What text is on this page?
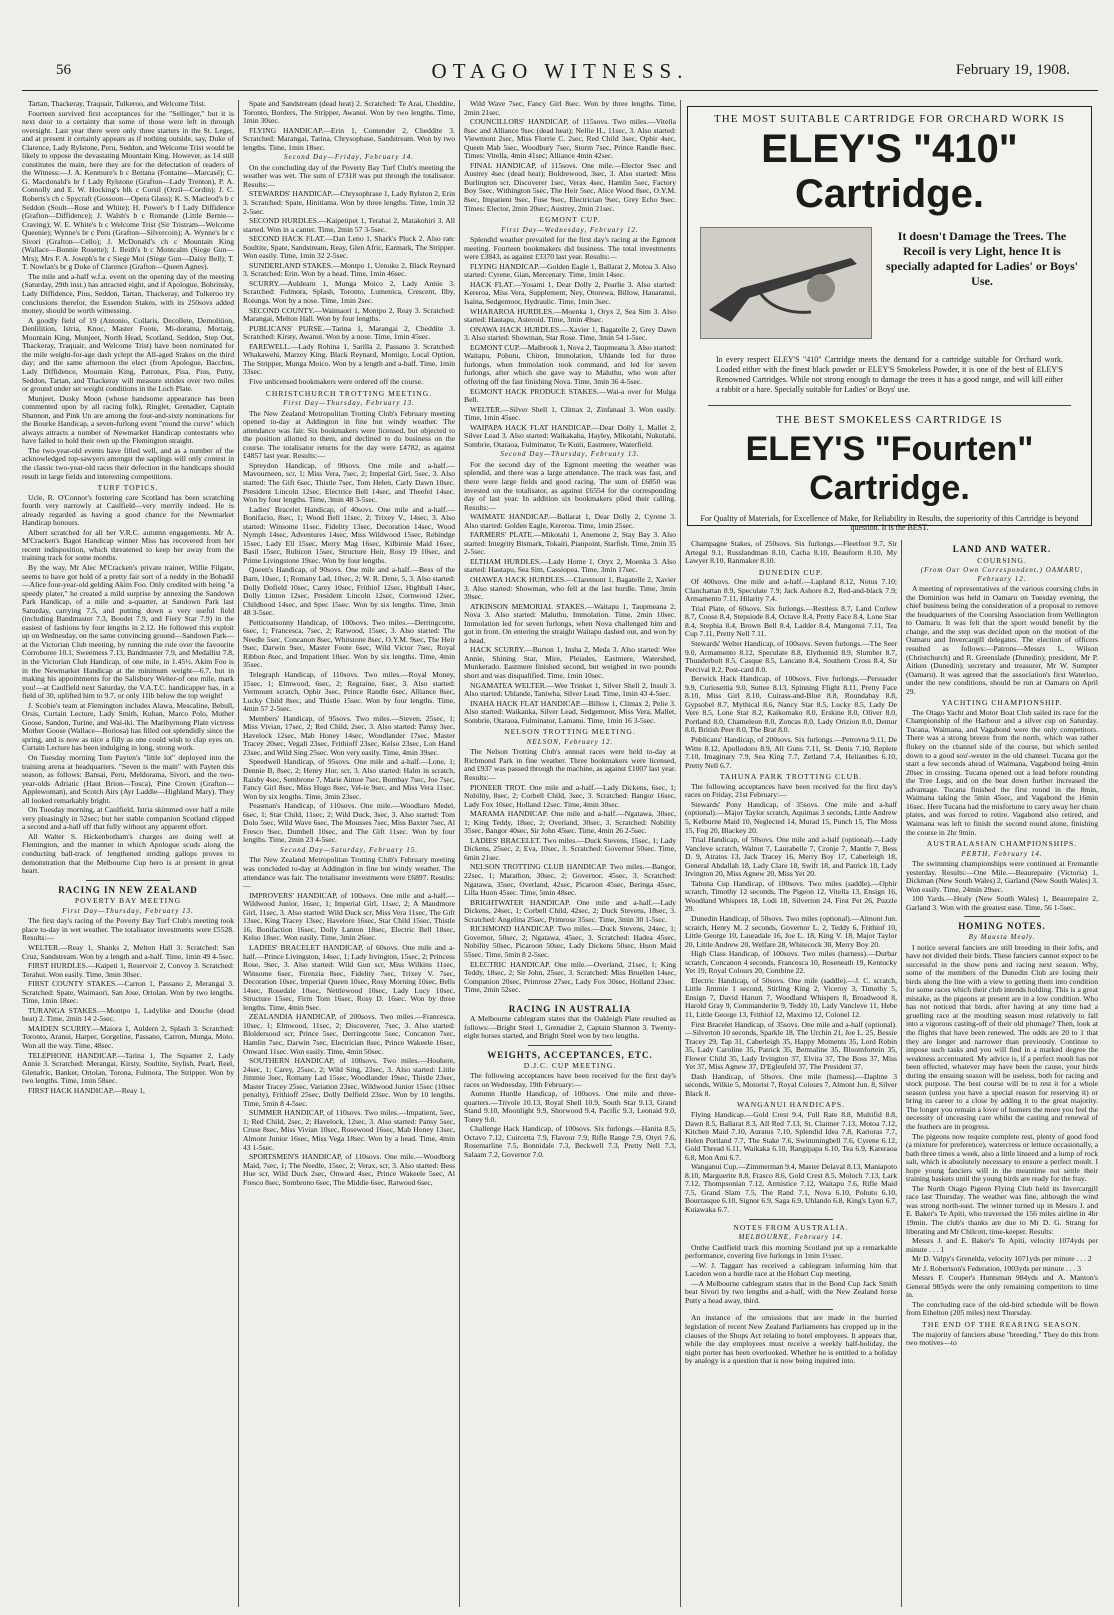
56	OTAGO WITNESS.	February 19, 1908.

Tartan, Thackeray, Traquair, Tulkeroo, and Welcome Trist.

Fourteen survived first acceptances for the "Sellinger," but it is next door to a certainty that some of those were left in through oversight. Last year there were only three starters in the St. Leger, and at present it certainly appears as if nothing outside, say, Duke of Clarence, Lady Rylstone, Peru, Seddon, and Welcome Trist would be likely to oppose the devastating Mountain King. However, as 14 still constitutes the main, here they are for the delectation of readers of the Witness:—J. A. Kenmure's b c Bettana (Fontaine—Marcasé); C. G. Macdonald's br f Lady Rylstone (Grafton—Lady Trenton), P. A. Connolly and E. W. Hocking's blk c Corsil (Orzil—Cordin); J. C. Roberts's ch c Spycraft (Gossoon—Opera Glass); K. S. Macleod's b c Seddon (Soult—Rose and White); H. Power's b f Lady Diffidence (Grafton—Diffidence); J. Walsh's b c Romande (Little Bernie—Craving); W. E. White's b c Welcome Trist (Sir Tristram—Welcome Queenie); Wynne's br c Peru (Grafton—Silvercoin); A. Wynne's br c Sivori (Grafton—Cello); J. McDonald's ch c Mountain King (Wallace—Bonnie Rosette); J. Beith's b c Montcalm (Siege Gun—Mrs); Mrs F. A. Joseph's br c Siege Moi (Siege Gun—Daisy Bell); T. T. Nowlan's br g Duke of Clarence (Grafton—Queen Agnes).

The mile and a-half w.f.a. event on the opening day of the meeting (Saturday, 29th inst.) has attracted eight, and if Apologue, Bobrinsky, Lady Diffidence, Pius, Seddon, Tartan, Thackeray, and Tulkeroo try conclusions therefor, the Essendon Stakes, with its 250sovs added money, should be worth witnessing.

A goodly field of 19 (Antonio, Collaris, Decollete, Demolition, Denlilition, Istria, Knoc, Master Foote, Mi-dorama, Mortaig, Mountain King, Munjeet, North Head, Scotland, Seddon, Step Out, Thackeray, Traquair, and Welcome Trist) have been nominated for the mile weight-for-age dash yclept the All-aged Stakes on the third day; and the same afternoon the elect (from Apologue, Bacchus, Lady Diffidence, Mountain King, Patronax, Pisa, Pius, Putty, Seddon, Tartan, and Thackeray will measure strides over two miles or ground under set weight conditions in the Loch Plate.

Munjeet, Dusky Moon (whose handsome appearance has been commented upon by all racing folk), Ringlet, Grenadier, Captain Shannon, and Pink Un are among the four-and-sixty nominations for the Bourke Handicap, a seven-furlong event "round the curve" which always attracts a number of Newmarket Handicap contestants who have failed to hold their own up the Flemington straight.

The two-year-old events have filled well, and as a number of the acknowledged top-sawyers amongst the saplings will only contest in the classic two-year-old races their defection in the handicaps should result in large fields and interesting competitions.

TURF TOPICS.

Ucle, R. O'Connor's fostering care Scotland has been scratching fourth very narrowly at Caulfield—very merrily indeed. He is already regarded as having a good chance for the Newmarket Handicap honours.

Albert scratched for all her V.R.C. autumn engagements. Mr A. M'Cracken's Bagot Handicap winner Miss has recovered from her recent indisposition, which threatened to keep her away from the training track for some months.

By the way, Mr Alec M'Cracken's private trainer, Willie Filgate, seems to have got hold of a pretty fair sort of a neddy in the Bobadil—Alice four-year-old gelding Akim Foo. Only credited with being "a speedy plater," he created a mild surprise by annexing the Sandown Park Handicap, of a mile and a-quarter, at Sandown Park last Saturday, carrying 7.5, and putting down a very useful field (including Bandmaster 7.3, Boodet 7.9, and Fiery Star 7.9) in the easiest of fashions by four lengths in 2.12. He followed this exploit up on Wednesday, on the same convincing ground—Sandown Park—at the Victorian Club meeting, by running the rule over the favourite Corroboree 10.1, Sweetness 7.13, Bandmaster 7.9, and Medallist 7.8, in the Victorian Club Handicap, of one mile, in 1.45½. Akim Foo is in the Newmarket Handicap at the minimum weight—6.7, but in making his appointments for the Salisbury Welter-of one mile, mark you!—at Caulfield next Saturday, the V.A.T.C. handicapper has, in a field of 30, uplifted him to 9.7, or only 11lb below the top weight!

J. Scobie's team at Flemington includes Alawa, Mescaline, Bebull, Orsis, Curtain Lecture, Lady Smith, Kuban, Marco Polo, Mother Goose, Sandon, Turine, and Wai-iki. The Maribyrnong Plate victress Mother Goose (Wallace—Boriosa) has filled out splendidly since the spring, and is now as nice a filly as one could wish to clap eyes on. Curtain Lecture has been indulging in long, strong work.

On Tuesday morning Tom Payten's "little lot" deployed into the training arena at headquarters. "Seven is the main" with Payten this season, as follows: Bansai, Peru, Meldorama, Sivori, and the two-year-olds Adriatic (Haut Brion—Tosca), Pine Crown (Grafton—Applewoman), and Scotch Airs (Ayr Laddie—Highland Mary). They all looked remarkably bright.

On Tuesday morning, at Caulfield, Istria skimmed over half a mile very pleasingly in 52sec; but her stable companion Scotland clipped a second and a-half off that fully without any apparent effort.

All Walter S. Hickenbotham's charges are doing well at Flemington, and the manner in which Apologue scuds along the conducting ball-track of lengthened striding gallops proves to demonstration that the Melbourne Cup hero is at present in great heart.

RACING IN NEW ZEALAND
POVERTY BAY MEETING
First Day—Thursday, February 13.

The first day's racing of the Poverty Bay Turf Club's meeting took place to-day in wet weather. The totalisator investments were £5528. Results:—

WELTER.—Reay 1, Shanks 2, Melton Hall 3. Scratched: San Cruz, Sandstream. Won by a length and a-half. Time, 1min 49 4-5sec.

FIRST HURDLES.—Kaipeti 1, Reservoir 2, Convoy 3. Scratched: Terahui. Won easily. Time, 3min 30sec.

FIRST COUNTY STAKES.—Carron 1, Passano 2, Merangai 3. Scratched: Spate, Waimaori, San Jose, Ortolan. Won by two lengths. Time, 1min 18sec.

TURANGA STAKES.—Montpo 1, Ladylike and Douche (dead heat) 2. Time, 2min 14 2-5sec.

MAIDEN SCURRY.—Maiora 1, Auldern 2, Splash 3. Scratched: Toronto, Aranui, Harper, Gorgeline, Passano, Carron, Munga, Moto. Won all the way. Time, 48sec.

TELEPHONE HANDICAP.—Tarina 1, The Squatter 2, Lady Annie 3. Scratched: Merangai, Kirsty, Soultite, Stylish, Pearl, Reel, Glenafric, Banker, Ortolan, Torona, Fulmora, The Stripper. Won by two lengths. Time, 1min 58sec.

FIRST HACK HANDICAP.—Reay 1,

Spate and Sandstream (dead heat) 2. Scratched: Te Arai, Cheddite, Toronto, Borders, The Stripper, Awanui. Won by two lengths. Time, 1min 30sec.

FLYING HANDICAP.—Erin 1, Contender 2, Cheddite 3. Scratched: Marangai, Tarina, Chrysophase, Sandstream. Won by two lengths. Time, 1min 18sec.

Second Day—Friday, February 14.

On the concluding day of the Poverty Bay Turf Club's meeting the weather was wet. The sum of £7318 was put through the totalisator. Results:—

STEWARDS' HANDICAP.—Chrysophrase 1, Lady Rylston 2, Erin 3. Scratched: Spate, Hinitiama. Won by three lengths. Time, 1min 32 2-5sec.

SECOND HURDLES.—Kaipetipet 1, Terahai 2, Matakohiri 3. All started. Won in a canter. Time, 2min 57 3-5sec.

SECOND HACK FLAT.—Dan Leno 1, Shark's Pluck 2. Also ran: Soultite, Spate, Sandstream, Reay, Glen Afric, Earmark, The Stripper. Won easily. Time, 1min 32 2-5sec.

SUNDERLAND STAKES.—Montpo 1, Uenuku 2, Black Reynard 3. Scratched: Erin. Won by a head. Time, 1min 46sec.

SCURRY.—Auldearn 1, Munga Moico 2, Lady Annie 3. Scratched: Fulmora, Splash, Toronto, Lumenica, Crescent, Ilby, Roiunga. Won by a nose. Time, 1min 2sec.

SECOND COUNTY.—Waimaori 1, Montpo 2, Reay 3. Scratched: Marangai, Melton Hall. Won by four lengths.

PUBLICANS' PURSE.—Tarina 1, Marangai 2, Cheddite 3. Scratched: Kirsty, Awanui. Won by a nose. Time, 1min 45sec.

FAREWELL.—Lady Rohina 1, Sarilla 2, Passano 3. Scratched: Whakawehi, Marzey King, Black Reynard, Montigo, Local Option, The Stripper, Munga Moico. Won by a length and a-half. Time, 1min 33sec.

Five unlicensed bookmakers were ordered off the course.

CHRISTCHURCH TROTTING MEETING.
First Day—Thursday, February 13.

The New Zealand Metropolitan Trotting Club's February meeting opened to-day at Addington in fine but windy weather. The attendance was fair. Six bookmakers were licensed, but objected to the position allotted to them, and declined to do business on the course. The totalisator returns for the day were £4782, as against £4857 last year. Results:—

Spreydon Handicap, of 90sovs. One mile and a-half.—Mavourneen, scr, 1; Miss Vera, 7sec, 2; Imperial Girl, 5sec, 3. Also started: The Gift 6sec, Thistle 7sec, Tom Helen, Carly Dawn 10sec. President Lincoln 12sec. Electrice Bell 14sec, and Theefel 14sec. Won by four lengths. Time, 3min 48 3-5sec.

Ladies' Bracelet Handicap, of 40sovs. One mile and a-half.—Bonifacio, 8sec, 1; Wood Bell 11sec, 2; Trixey V., 14sec, 3. Also started: Winsome 11sec, Fidelity 13sec, Decoration 14sec, Wood Nymph 14sec, Adventures 14sec, Miss Wildwood 15sec, Rebindge 15sec, Lady Ell 15sec, Merry Mag 16sec, Kilbirnie Maid 16sec, Basil 15sec, Rubicon 15sec, Structure Heir, Rosy 19 10sec, and Prime Livingstone 19sec. Won by four lengths.

Queen's Handicap, of 90sovs. One mile and a-half.—Bess of the Barn, 10sec, 1; Romany Lad, 10sec, 2; W. R. Dene, 5, 3. Also started: Dolly Dofield 10sec, Carey 10sec, Frithiof 12sec, Highball 14sec, Dolly Linton 12sec, President Lincoln 12sec, Cornwood 12sec, Childhood 14sec, and Spec 15sec. Won by six lengths. Time, 3min 48 3-5sec.

Petticoatsonny Handicap, of 100sovs. Two miles.—Derringcotte, 6sec, 1; Francesca, 7sec, 2; Ratwood, 15sec, 3. Also started: The Needle 5sec, Concanon 8sec, Whitstone 8sec, O.Y.M. 9sec, The Heir 9sec, Darwin 9sec, Master Foote 6sec, Wild Victor 7sec, Royal Ribbon 8sec, and Impatient 10sec. Won by six lengths. Time, 4min 35sec.

Telegraph Handicap, of 110sovs. Two miles.—Royal Money, 15sec, 1; Elmwood, 6sec, 2; Regraine, 6sec, 3. Also started: Vermount scratch, Ophir 3sec, Prince Randle 6sec, Alliance 8sec, Lucky Child 8sec, and Thistle 15sec. Won by four lengths. Time, 4min 57 2-5sec.

Members' Handicap, of 95sovs. Two miles.—Steven, 25sec, 1; Miss Vivian, 17sec, 2; Red Child, 2sec, 3. Also started: Pansy 3sec, Havelock 12sec, Mab Honey 14sec, Woodlander 17sec, Master Tracey 20sec, Vegali 23sec, Frithioff 23sec, Kelso 23sec, Lon Hand 23sec, and Wild Sing 25sec. Won very easily. Time, 4min 39sec.

Speedwell Handicap, of 95sovs. One mile and a-half.—Lone, 1; Dennie B, 8sec, 2; Henry Hur, scr, 3. Also started: Halm in scratch, Raisby 4sec, Sembrone 7, Marie Aimee 7sec, Bombay 7sec, Joe 7sec, Fancy Girl 8sec, Miss Hugo 8sec, Vel-ie 9sec, and Miss Vera 11sec. Won by six lengths. Time, 3min 23sec.

Peasman's Handicap, of 110sovs. One mile.—Woodlaro Medel, 6sec, 1; Star Child, 11sec, 2; Wild Duck, 3sec, 3. Also started: Tom Dolo 5sec, Wild Wave 6sec, The Mousses 7sec, Miss Baxter 7sec, Al Fresco 9sec, Dumbell 10sec, and The Gift 11sec. Won by four lengths. Time, 2min 23 4-5sec.

Second Day—Saturday, February 15.

The New Zealand Metropolitan Trotting Club's February meeting was concluded to-day at Addington in fine but windy weather. The attendance was fair. The totalisator investments were £6897. Results:—

IMPROVERS' HANDICAP, of 100sovs. One mile and a-half.—Wildwood Junior, 16sec, 1; Imperial Girl, 11sec, 2; A Maudmore Girl, 11sec, 3. Also started: Wild Duck scr, Miss Vera 11sec, The Gift 13sec, King Tracey 13sec, Havelore 16sec, Star Child 15sec, Thistle 16, Bonifaction 16sec, Dolly Lanton 18sec, Electric Bell 18sec, Kelso 18sec. Won easily. Time, 3min 26sec.

LADIES' BRACELET HANDICAP, of 60sovs. One mile and a-half.—Prince Livingston, 14sec, 1; Lady Irvington, 15sec, 2; Princess Rose, 9sec, 3. Also started: Wild Gun scr, Miss Wilkins 11sec, Winsome 6sec, Firenzia 8sec, Fidelity 7sec, Trixey V. 7sec, Decoration 10sec, Imperial Queen 10sec, Rosy Morning 10sec, Bells 14sec, Rosedale 10sec, Nettlewood 10sec, Lady Lucy 10sec, Structure 15sec, Firm Tom 16sec, Rosy D. 16sec. Won by three lengths. Time, 4min 9sec.

ZEALANDIA HANDICAP, of 200sovs. Two miles.—Francesca, 10sec, 1; Elmwood, 11sec, 2; Discoverer, 7sec, 3. Also started: Bloldersood scr, Prince 5sec, Derringcotte 5sec, Concanon 7sec, Hamlin 7sec, Darwin 7sec, Electrician 8sec, Prince Wakeele 16sec, Onward 11sec. Won easily. Time, 4min 50sec.

SOUTHERN HANDICAP, of 100sovs. Two miles.—Houhere, 24sec, 1; Carey, 25sec, 2; Wild Sing, 23sec, 3. Also started: Little Jimmie 3sec, Romany Lad 15sec, Woodlander 19sec, Thistle 23sec, Master Tracey 25sec, Variation 23sec, Wildwood Junior 15sec (10sec penalty), Frithioff 25sec, Dolly Delfield 23sec. Won by 10 lengths. Time, 5min 8 4-5sec.

SUMMER HANDICAP, of 110sovs. Two miles.—Impatient, 5sec, 1; Red Child, 2sec, 2; Havelock, 12sec, 3. Also started: Pansy 5sec, Cruse 8sec, Miss Vivian 10sec, Rosewood 16sec, Mab Honey 13sec, Almont Junior 16sec, Miss Vega 18sec. Won by a head. Time, 4min 43 1-5sec.

SPORTSMEN'S HANDICAP, of 110sovs. One mile.—Woodborg Maid, 7sec, 1; The Needle, 15sec, 2; Verax, scr, 3. Also started: Bess Hue scr, Wild Duck 2sec, Onward 4sec, Prince Wakeele 5sec, Al Fresco 8sec, Sombrono 6sec, The Middie 6sec, Ratwood 6sec,

Wild Wave 7sec, Fancy Girl 8sec. Won by three lengths. Time, 2min 21sec.

COUNCILLORS' HANDICAP, of 115sovs. Two miles.—Vitella 8sec and Alliance 9sec (dead heat); Nellie H., 11sec, 3. Also started: Viewmont 2sec, Miss Florrie C. 2sec, Red Child 3sec, Ophir 4sec, Queen Mab 5sec, Woodbury 7sec, Storm 7sec, Prince Randle 8sec. Times: Vitella, 4min 41sec; Alliance 4min 42sec.

FINAL HANDICAP, of 115sovs. One mile.—Elector 9sec and Austrey 4sec (dead heat); Boldrewood, 3sec, 3. Also started: Miss Burlington scr, Discoverer 1sec, Verax 4sec, Hamlin 5sec, Factory Boy 5sec, Withington 5sec, The Heir 5sec, Alice Wood 8sec, O.Y.M. 8sec, Impatient 9sec, Fuse 9sec, Electrician 9sec, Grey Echo 9sec. Times: Elector, 2min 20sec; Austrey, 2min 21sec.

EGMONT CUP.
First Day—Wednesday, February 12.

Splendid weather prevailed for the first day's racing at the Egmont meeting. Fourteen bookmakers did business. The total investments were £3843, as against £3370 last year. Results:—

FLYING HANDICAP.—Golden Eagle 1, Ballarat 2, Motoa 3. Also started: Cyrene, Gian, Mercenary. Time, 1min 14sec.

HACK FLAT.—Yosami 1, Dear Dolly 2, Pearlie 3. Also started: Kereroa, Miss Vera, Supplement, Ney, Otorewa, Billow, Hauaranui, Isaina, Sedgemoor, Hydraulic. Time, 1min 3sec.

WHARAROA HURDLES.—Moenka 1, Oryx 2, Sea Sim 3. Also started: Hautapu, Asteroid. Time, 3min 49sec.

ONAWA HACK HURDLES.—Xavier 1, Bagatelle 2, Grey Dawn 3. Also started: Showman, Star Rose. Time, 3min 54 1-5sec.

EGMONT CUP.—Malbrook 1, Nova 2, Taupmeana 3. Also started: Waitapu, Pohutu, Chiron, Immolation, Uhlande led for three furlongs, when Immolation took command, and led for seven furlongs, after which she gave way to Maluthu, who won after offering off the fast finishing Nova. Time, 3min 36 4-5sec.

EGMONT HACK PRODUCE STAKES.—Wai-a over for Mulga Bell.

WELTER.—Silver Shell 1, Climax 2, Zinfanaal 3. Won easily. Time, 1min 45sec.

WAIPAPA HACK FLAT HANDICAP.—Dear Dolly 1, Mallet 2, Silver Lead 3. Also started: Waikakaha, Hayley, Mikotahi, Nukutahi, Sombrie, Otaraoa, Fulminator, Te Kuiti, Eastmere, Waterfield.

Second Day—Thursday, February 13.

For the second day of the Egmont meeting the weather was splendid, and there was a large attendance. The track was fast, and there were large fields and good racing. The sum of £6850 was invested on the totalisator, as against £6554 for the corresponding day of last year. In addition six bookmakers plied their calling. Results:—

WAIMATE HANDICAP.—Ballarat 1, Dear Dolly 2, Cyrene 3. Also started: Golden Eagle, Kereroa. Time, 1min 25sec.

FARMERS' PLATE.—Mikotahi 1, Anemone 2, Stay Bay 3. Also started: Integrity Bismark, Tokaiti, Pianpoint, Starfish. Time, 2min 35 2-5sec.

ELTHAM HURDLES.—Lady Home 1, Oryx 2, Moenka 3. Also started: Hautapu, Sea Sim, Cassiopea. Time, 3min 17sec.

OHAWEA HACK HURDLES.—Claremont 1, Bagatelle 2, Xavier 3. Also started: Showman, who fell at the last hurdle. Time, 3min 39sec.

ATKINSON MEMORIAL STAKES.—Waitapu 1, Taupmeana 2, Nova 3. Also started: Maluthu, Immolation. Time, 2min 10sec. Immolation led for seven furlongs, when Nova challenged him and got in front. On entering the straight Waitapu dashed out, and won by a head.

HACK SCURRY.—Burton 1, Insha 2, Meda 3. Also started: Wee Annie, Shining Star, Mire, Pleiades, Eastmere, Watershed, Munkerado. Eastmere finished second, but weighed in two pounds short and was disqualified. Time, 1min 10sec.

NGAMATEA WELTER.—Wee Trinket 1, Silver Shell 2, Insult 3. Also started: Uhlande, Taniwha, Silver Lead. Time, 1min 43 4-5sec.

INAHA HACK FLAT HANDICAP.—Billow 1, Climax 2, Pelie 3. Also started: Waikanka, Silver Lead, Sedgemoor, Miss Vera, Mallet, Sombrie, Otaraoa, Fulminator, Lamanu. Time, 1min 16 3-5sec.

NELSON TROTTING MEETING.
NELSON, February 12.

The Nelson Trotting Club's annual races were held to-day at Richmond Park in fine weather. Three bookmakers were licensed, and £937 was passed through the machine, as against £1007 last year. Results:—

PIONEER TROT. One mile and a-half.—Lady Dickens, 6sec, 1; Nobility, 8sec, 2; Corbell Child, 3sec, 3. Scratched: Bangor 16sec, Lady Fox 10sec, Holland 12sec. Time, 4min 30sec.

MARAMA HANDICAP. One mile and a-half.—Ngatawa, 30sec, 1; King Teddy, 18sec, 2; Overland, 30sec, 3. Scratched: Nobility 35sec, Bangor 40sec, Sir John 45sec. Time, 4min 26 2-5sec.

LADIES' BRACELET. Two miles.—Duck Stevens, 15sec, 1; Lady Dickens, 25sec, 2; Eva, 10sec, 3. Scratched: Governor 50sec. Time, 6min 21sec.

NELSON TROTTING CLUB HANDICAP. Two miles.—Bangor, 22sec, 1; Marathon, 30sec, 2; Governor, 45sec, 3. Scratched: Ngatawa, 35sec, Overland, 42sec, Picaroon 45sec, Beringa 45sec, Lilla Huon 45sec. Time, 5min 48sec.

BRIGHTWATER HANDICAP. One mile and a-half.—Lady Dickens, 24sec, 1; Corbell Child, 42sec, 2; Duck Stevens, 18sec, 3. Scratched: Angelina 25sec, Primrose 35sec. Time, 3min 30 1-5sec.

RICHMOND HANDICAP. Two miles.—Duck Stevens, 24sec, 1; Governor, 50sec, 2; Ngatawa, 45sec, 3. Scratched: Hadea 45sec, Nobility 50sec, Picaroon 50sec, Lady Dickens 50sec, Huon Maid 55sec. Time, 5min 8 2-5sec.

ELECTRIC HANDICAP. One mile.—Overland, 21sec, 1; King Teddy, 18sec, 2; Sir John, 25sec, 3. Scratched: Miss Bruellen 14sec, Companion 20sec, Primrose 27sec, Lady Fox 30sec, Holland 23sec. Time, 2min 52sec.

RACING IN AUSTRALIA

A Melbourne cablegram states that the Oakleigh Plate resulted as follows:—Bright Steel 1, Grenadier 2, Captain Shannon 3. Twenty-eight horses started, and Bright Steel won by two lengths.

WEIGHTS, ACCEPTANCES, ETC.
D.J.C. CUP MEETING.

The following acceptances have been received for the first day's races on Wednesday, 19th February:—

Autumn Hurdle Handicap, of 100sovs. One mile and three-quarters.—Trivole 10.13, Royal Shell 10.9, South Star 9.13, Grand Stand 9.10, Moonlight 9.9, Shorwood 9.4, Pacific 9.3, Leonaid 9.0, Toney 9.0.

Challenge Hack Handicap, of 100sovs. Six furlongs.—Hanita 8.5, Octavo 7.12, Cuircetta 7.9, Flavour 7.9, Rifle Range 7.9, Otyri 7.6, Rosemarline 7.5, Bonnidale 7.3, Beckwell 7.3, Pretty Nell 7.3, Salaam 7.2, Governor 7.0.

THE MOST SUITABLE CARTRIDGE FOR ORCHARD WORK IS
ELEY'S "410" Cartridge.
It doesn't Damage the Trees. The Recoil is very Light, hence It is specially adapted for Ladies' or Boys' Use.
In every respect ELEY'S "410" Cartridge meets the demand for a cartridge suitable for Orchard work. Loaded either with the finest black powder or ELEY'S Smokeless Powder, it is one of the best of ELEY'S Renowned Cartridges. While not strong enough to damage the trees it has a good range, and will kill either a rabbit or a hare. Specially suitable for Ladies' or Boys' use.
THE BEST SMOKELESS CARTRIDGE IS
ELEY'S "Fourten" Cartridge.
For Quality of Materials, for Excellence of Make, for Reliability in Results, the superiority of this Cartridge is beyond question. It is the BEST.

Champagne Stakes, of 250sovs. Six furlongs.—Fleetfoot 9.7, Sir Artegal 9.1, Russlandman 8.10, Cacha 8.10, Beauform 8.10, My Lawyer 8.10, Ranmaker 8.10.

DUNEDIN CUP.

Of 400sovs. One mile and a-half.—Lapland 8.12, Notus 7.10; Clanchattan 8.9, Speculate 7.9; Jack Ashore 8.2, Red-and-black 7.9; Armamento 7.11, Hilarity 7.4.

Trial Plate, of 60sovs. Six furlongs.—Restless 8.7, Land Curlew 8.7, Coose 8.4, Stepsiode 8.4, Octave 8.4, Pretty Face 8.4, Lone Star 8.4, Stephia 8.4, Brown Bell 8.4, Ladder 8.4, Mangonui 7.11, Tea Cup 7.11, Pretty Nell 7.11.

Stewards' Welter Handicap, of 100sovs. Seven furlongs.—The Seer 9.0, Armamento 8.12, Speculate 8.8, Elythemid 8.9, Slumber 8.7, Thunderbolt 8.5, Casque 8.5, Lancano 8.4, Southern Cross 8.4, Sir Percival 8.2, Post-card 8.0.

Berwick Hack Handicap, of 100sovs. Five furlongs.—Persuader 9.9, Curiosettia 9.0, Suttee 8.13, Spinning Flight 8.11, Pretty Face 8.10, Miss Girl 8.10, Cuirass-and-Blue 8.8, Roundabay 8.8, Gypsobel 8.7, Mythical 8.6, Nancy Star 8.5, Lucky 8.5, Lady De Vere 8.5, Lone Star 8.2, Kaikomako 8.0, Erskine 8.0, Oliver 8.0, Portland 8.0, Chameleon 8.0, Zoncas 8.0, Lady Orizion 8.0, Demur 8.0, British Peer 8.0, The Brat 8.0.

Publicans' Handicap, of 200sovs. Six furlongs.—Petrovna 9.11, De Witte 8.12, Apollodoro 8.9, All Guns 7.11, St. Denis 7.10, Replete 7.10, Imaginary 7.9, Sea King 7.7, Zetland 7.4, Heliantbes 6.10, Pretty Nell 6.7.

TAHUNA PARK TROTTING CLUB.

The following acceptances have been received for the first day's races on Friday, 21st February:—

Stewards' Pony Handicap, of 35sovs. One mile and a-half (optional).—Major Taylor scratch, Aquimas 3 seconds, Little Andrew 5, Kelburne Maid 10, Neglected 14, Murad 15, Punch 15, The Moss 15, Fog 20, Blackey 20.

Trial Handicap, of 50sovs. One mile and a-half (optional).—Lady Vancleve scratch, Walnut 7, Laurabelle 7, Cronje 7, Mantle 7, Bess D. 9, Atratos 13, Jack Tracey 16, Merry Boy 17, Caberleigh 18, General Abdallah 18, Lady Clare 18, Swift 18, and Patrick 18, Lady Irvington 20, Miss Agnew 20, Miss Yet 20.

Tahuna Cup Handicap, of 100sovs. Two miles (saddle).—Ophir scratch, Timothy 12 seconds, The Pigeon 12, Vitella 13, Ensign 16, Woodland Whispers 18, Lodi 18, Silverton 24, First Pet 26, Puzzle 29.

Dunedin Handicap, of 50sovs. Two miles (optional).—Almont Jun. scratch, Henry M. 2 seconds, Governor L. 2, Teddy 6, Frithiof 10, Little George 10, Lauradale 16, Joe L. 18, King V. 18, Major Taylor 20, Little Andrew 20, Welfare 28, Whitecock 30, Merry Boy 20.

High Class Handicap, of 100sovs. Two miles (harness).—Durbar scratch, Concanon 4 seconds, Francesca 10, Roseneath 19, Kentucky Yet 19, Royal Colours 20, Combine 22.

Electric Handicap, of 50sovs. One mile (saddle).—J. C. scratch, Little Jimmie 1 second, Stirling King 2, Viceroy 3, Timothy 5, Ensign 7, David Harum 7, Woodland Whispers 8, Broadwood 8, Harold Gray 9, Commanderite 9, Teddy 10, Lady Vancleve 11, Hebe 11, Little George 13, Frithiof 12, Maximo 12, Colonel 12.

First Bracelet Handicap, of 35sovs. One mile and a-half (optional).—Silverton 10 seconds, Sparkle 18, The Urchin 21, Joe L. 25, Bessie Tracey 29, Tap 31, Caberleigh 35, Happy Moments 35, Lord Robin 35, Lady Caroline 35, Patrick 35, Bermaline 35, Bloomfortein 35, Flower Child 35, Lady Irvington 37, Elvira 37, The Boss 37, Miss Yet 37, Miss Agnew 37, D'Egleufeld 37, The President 37.

Dash Handicap, of 50sovs. One mile (harness).—Daphne 3 seconds, Wilkie 5, Motorist 7, Royal Colours 7, Almont Jun. 8, Silver Black 8.

WANGANUI HANDICAPS.

Flying Handicap.—Gold Crest 9.4, Full Rate 8.8, Multifid 8.8, Dawn 8.5, Ballarat 8.3, All Red 7.13, St. Claimer 7.13, Motoa 7.12, Kitchen Maid 7.10, Auratus 7.10, Splendid Idea 7.8, Karioras 7.7, Helen Portland 7.7, The Stake 7.6, Swimmingbell 7.6, Cyrene 6.12, Gold Thread 6.11, Waikaka 6.10, Rangipapa 6.10, Tea 6.9, Kareraoa 6.8, Mon Ami 6.7.

Wanganui Cup.—Zimmerman 9.4, Master Delaval 8.13, Maniapoto 8.10, Marguerite 8.8, Frasco 8.6, Gold Crest 8.5, Moloch 7.13, Lark 7.12, Thompsonian 7.12, Armistice 7.12, Waitapu 7.6, Rifle Maid 7.5, Grand Slam 7.5, The Rand 7.1, Nova 6.10, Pohutu 6.10, Bourrasque 6.10, Signor 6.9, Saga 6.9, Uhlando 6.8, King's Lynn 6.7, Kuiawaka 6.7.

NOTES FROM AUSTRALIA.
MELBOURNE, February 14.

Onthe Caulfield track this morning Scotland put up a remarkable performance, covering five furlongs in 1min 1½sec.

—W. J. Taggart has received a cablegram informing him that Lacedon won a hurdle race at the Hobart Cup meeting.

—A Melbourne cablegram states that in the Bond Cup Jack Smith beat Sivori by two lengths and a-half, with the New Zealand horse Putty a head away, third.

An instance of the omissions that are made in the hurried legislation of recent New Zealand Parliaments has cropped up in the clauses of the Shops Act relating to hotel employees. It appears that, while the day employees must receive a weekly half-holiday, the night porter has been overlooked. Whether he is entitled to a holiday by analogy is a question that is now being inquired into.

LAND AND WATER.
COURSING.
(From Our Own Correspondent.) OAMARU, February 12.

A meeting of representatives of the various coursing clubs in the Dominion was held in Oamaru on Tuesday evening, the chief business being the consideration of a proposal to remove the headquarters of the Coursing Association from Wellington to Oamaru. It was felt that the sport would benefit by the change, and the step was decided upon on the motion of the Oamaru and Invercargill delegates. The election of officers resulted as follows:—Patrons—Messrs L. Wilson (Christchurch) and R. Greenslade (Dunedin); president, Mr P. Aitken (Dunedin); secretary and treasurer, Mr W. Sumpter (Oamaru). It was agreed that the association's first Waterloo, under the new conditions, should be run at Oamaru on April 29.

YACHTING CHAMPIONSHIP.

The Otago Yacht and Motor Boat Club sailed its race for the Championship of the Harbour and a silver cup on Saturday. Tucana, Waimana, and Vagabond were the only competitors. There was a strong breeze from the north, which was rather flukey on the channel side of the course, but which settled down to a good sou'-wester in the old channel. Tucana got the start a few seconds ahead of Waimana, Vagabond being 4min 20sec in crossing. Tucana opened out a lead before rounding the Tree Legs, and on the beat down further increased the advantage. Tucana finished the first round in the 8min, Waimana taking the 5min 45sec, and Vagabond the 16min 16sec. Here Tucana had the misfortune to carry away her chain plates, and was forced to retire. Vagabond also retired, and Waimana was left to finish the second round alone, finishing the course in 2hr 9min.

AUSTRALASIAN CHAMPIONSHIPS.
PERTH, February 14.

The swimming championships were continued at Fremantle yesterday. Results:—One Mile.—Beaurepaire (Victoria) 1, Dickman (New South Wales) 2, Garland (New South Wales) 3. Won easily. Time, 24min 29sec.

100 Yards.—Healy (New South Wales) 1, Beaurepaire 2, Garland 3. Won with the greatest ease. Time, 56 1-5sec.

HOMING NOTES.
By Mausta Mealy.

I notice several fanciers are still breeding in their lofts, and have not divided their birds. These fanciers cannot expect to be successful in the show pens and racing next season. Why, some of the members of the Dunedin Club are losing their birds along the line with a view to getting them into condition for some races which their club intends holding. This is a great mistake, as the pigeons at present are in a low condition. Who has not noticed that birds, after having at any time had a gruelling race at the moulting season must relatively to fall into a vigorous casting-off of their old plumage? Then, look at the flights that have been renewed. The odds are 20 to 1 that they are longer and narrower than previously. Continue to impose such tasks and you will find in a marked degree the weakness accentuated. My advice is, if a perfect moult has not been effected, whatever may have been the cause, your birds during the ensuing season will be useless, both for racing and stock purpose. The best course will be to rest it for a whole season (unless you have a special reason for reserving it) or bring its career to a close by adding it to the great majority. The longer you remain a lover of homers the more you feel the necessity of unceasing care whilst the casting and renewal of the feathers are in progress.

The pigeons now require complete rest, plenty of good food (a mixture for preference), watercress or lettuce occasionally, a bath three times a week, also a little linseed and a lump of rock salt, which is absolutely necessary to ensure a perfect moult. I hope young fanciers will in the meantime not settle their training baskets until the young birds are ready for the fray.

The North Otago Pigeon Flying Club held its Invercargill race last Thursday. The weather was fine, although the wind was strong north-east. The winner turned up in Messrs J. and E. Baker's Te Apiti, who traversed the 156 miles airline in 4hr 19min. The club's thanks are due to Mr D. G. Strang for liberating and Mr Chilcott, time-keeper. Results:

Messrs J. and E. Baker's Te Apiti, velocity 1074yds per minute . . . 1

Mr D. Valpy's Grenelda, velocity 1071yds per minute . . . 2

Mr J. Robertson's Federation, 1003yds per minute . . . 3

Messrs F. Couper's Huntsman 984yds and A. Manton's General 985yds were the only remaining competitors to time in.

The concluding race of the old-bird schedule will be flown from Ethelton (205 miles) next Thursday.

THE END OF THE REARING SEASON.

The majority of fanciers abuse "breeding." They do this from two motives—to
